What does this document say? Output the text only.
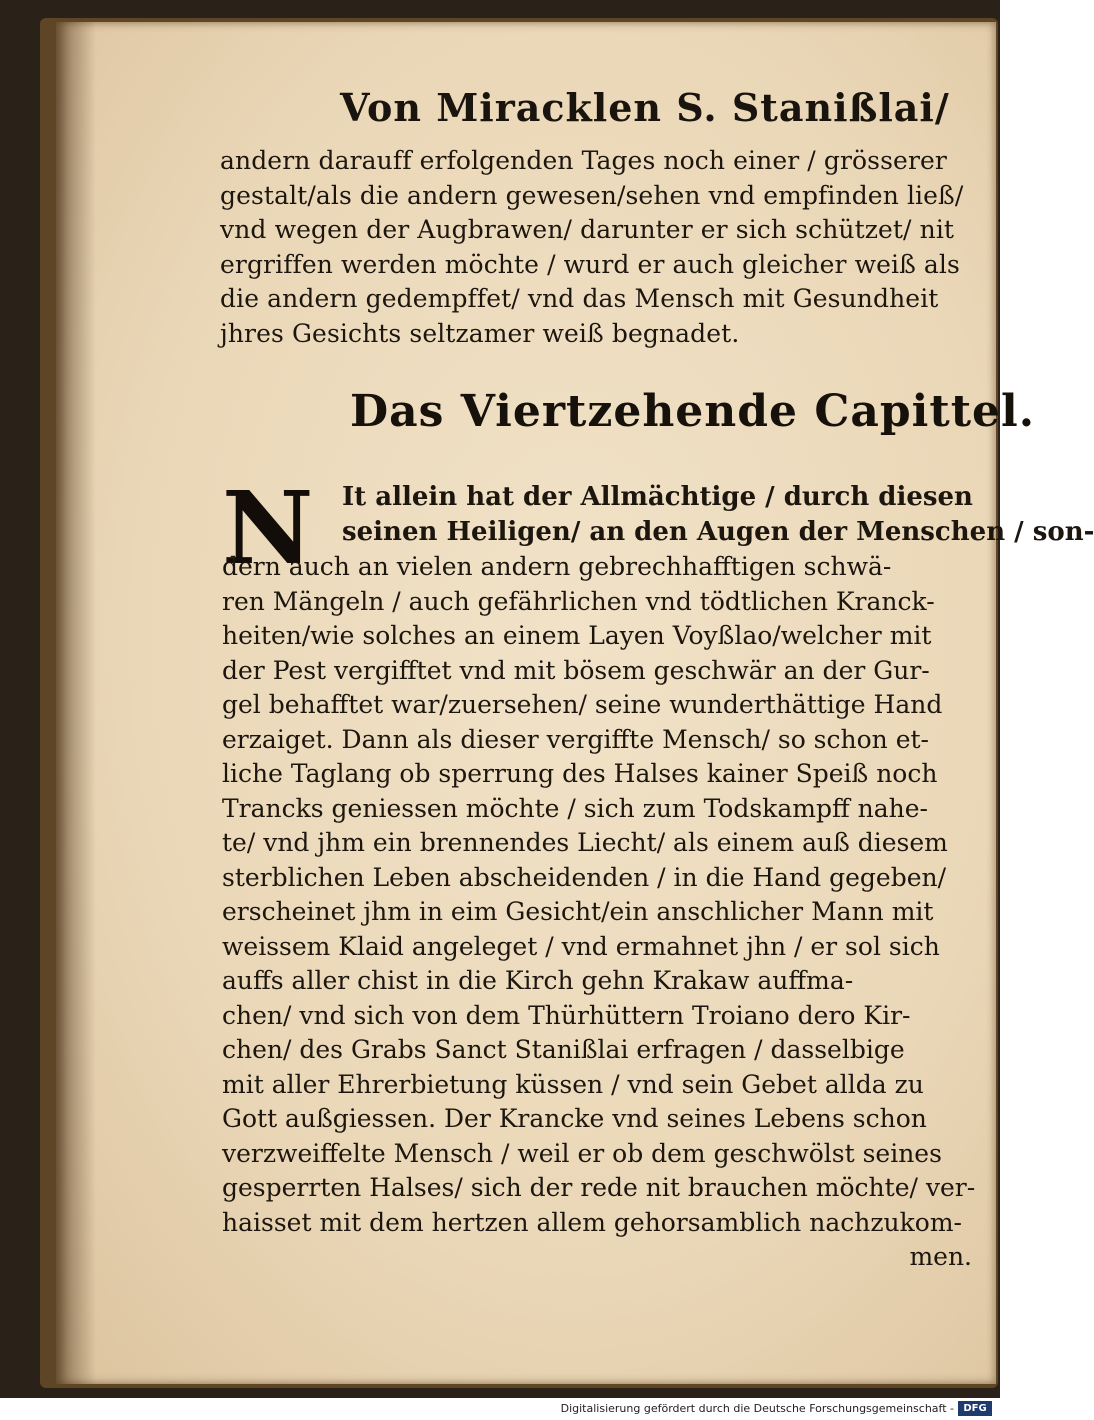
Von Miracklen S. Stanißlai/
andern darauff erfolgenden Tages noch einer / grösserer
gestalt/als die andern gewesen/sehen vnd empfinden ließ/
vnd wegen der Augbrawen/ darunter er sich schützet/ nit
ergriffen werden möchte / wurd er auch gleicher weiß als
die andern gedempffet/ vnd das Mensch mit Gesundheit
jhres Gesichts seltzamer weiß begnadet.
Das Viertzehende Capittel.
N It allein hat der Allmächtige / durch diesen
seinen Heiligen/ an den Augen der Menschen / son-
dern auch an vielen andern gebrechhafftigen schwä-
ren Mängeln / auch gefährlichen vnd tödtlichen Kranck-
heiten/wie solches an einem Layen Voyßlao/welcher mit
der Pest vergifftet vnd mit bösem geschwär an der Gur-
gel behafftet war/zuersehen/ seine wunderthättige Hand
erzaiget. Dann als dieser vergiffte Mensch/ so schon et-
liche Taglang ob sperrung des Halses kainer Speiß noch
Trancks geniessen möchte / sich zum Todskampff nahe-
te/ vnd jhm ein brennendes Liecht/ als einem auß diesem
sterblichen Leben abscheidenden / in die Hand gegeben/
erscheinet jhm in eim Gesicht/ein anschlicher Mann mit
weissem Klaid angeleget / vnd ermahnet jhn / er sol sich
auffs aller chist in die Kirch gehn Krakaw auffma-
chen/ vnd sich von dem Thürhüttern Troiano dero Kir-
chen/ des Grabs Sanct Stanißlai erfragen / dasselbige
mit aller Ehrerbietung küssen / vnd sein Gebet allda zu
Gott außgiessen. Der Krancke vnd seines Lebens schon
verzweiffelte Mensch / weil er ob dem geschwölst seines
gesperrten Halses/ sich der rede nit brauchen möchte/ ver-
haisset mit dem hertzen allem gehorsamblich nachzukom-
men.
Digitalisierung gefördert durch die Deutsche Forschungsgemeinschaft - DFG
